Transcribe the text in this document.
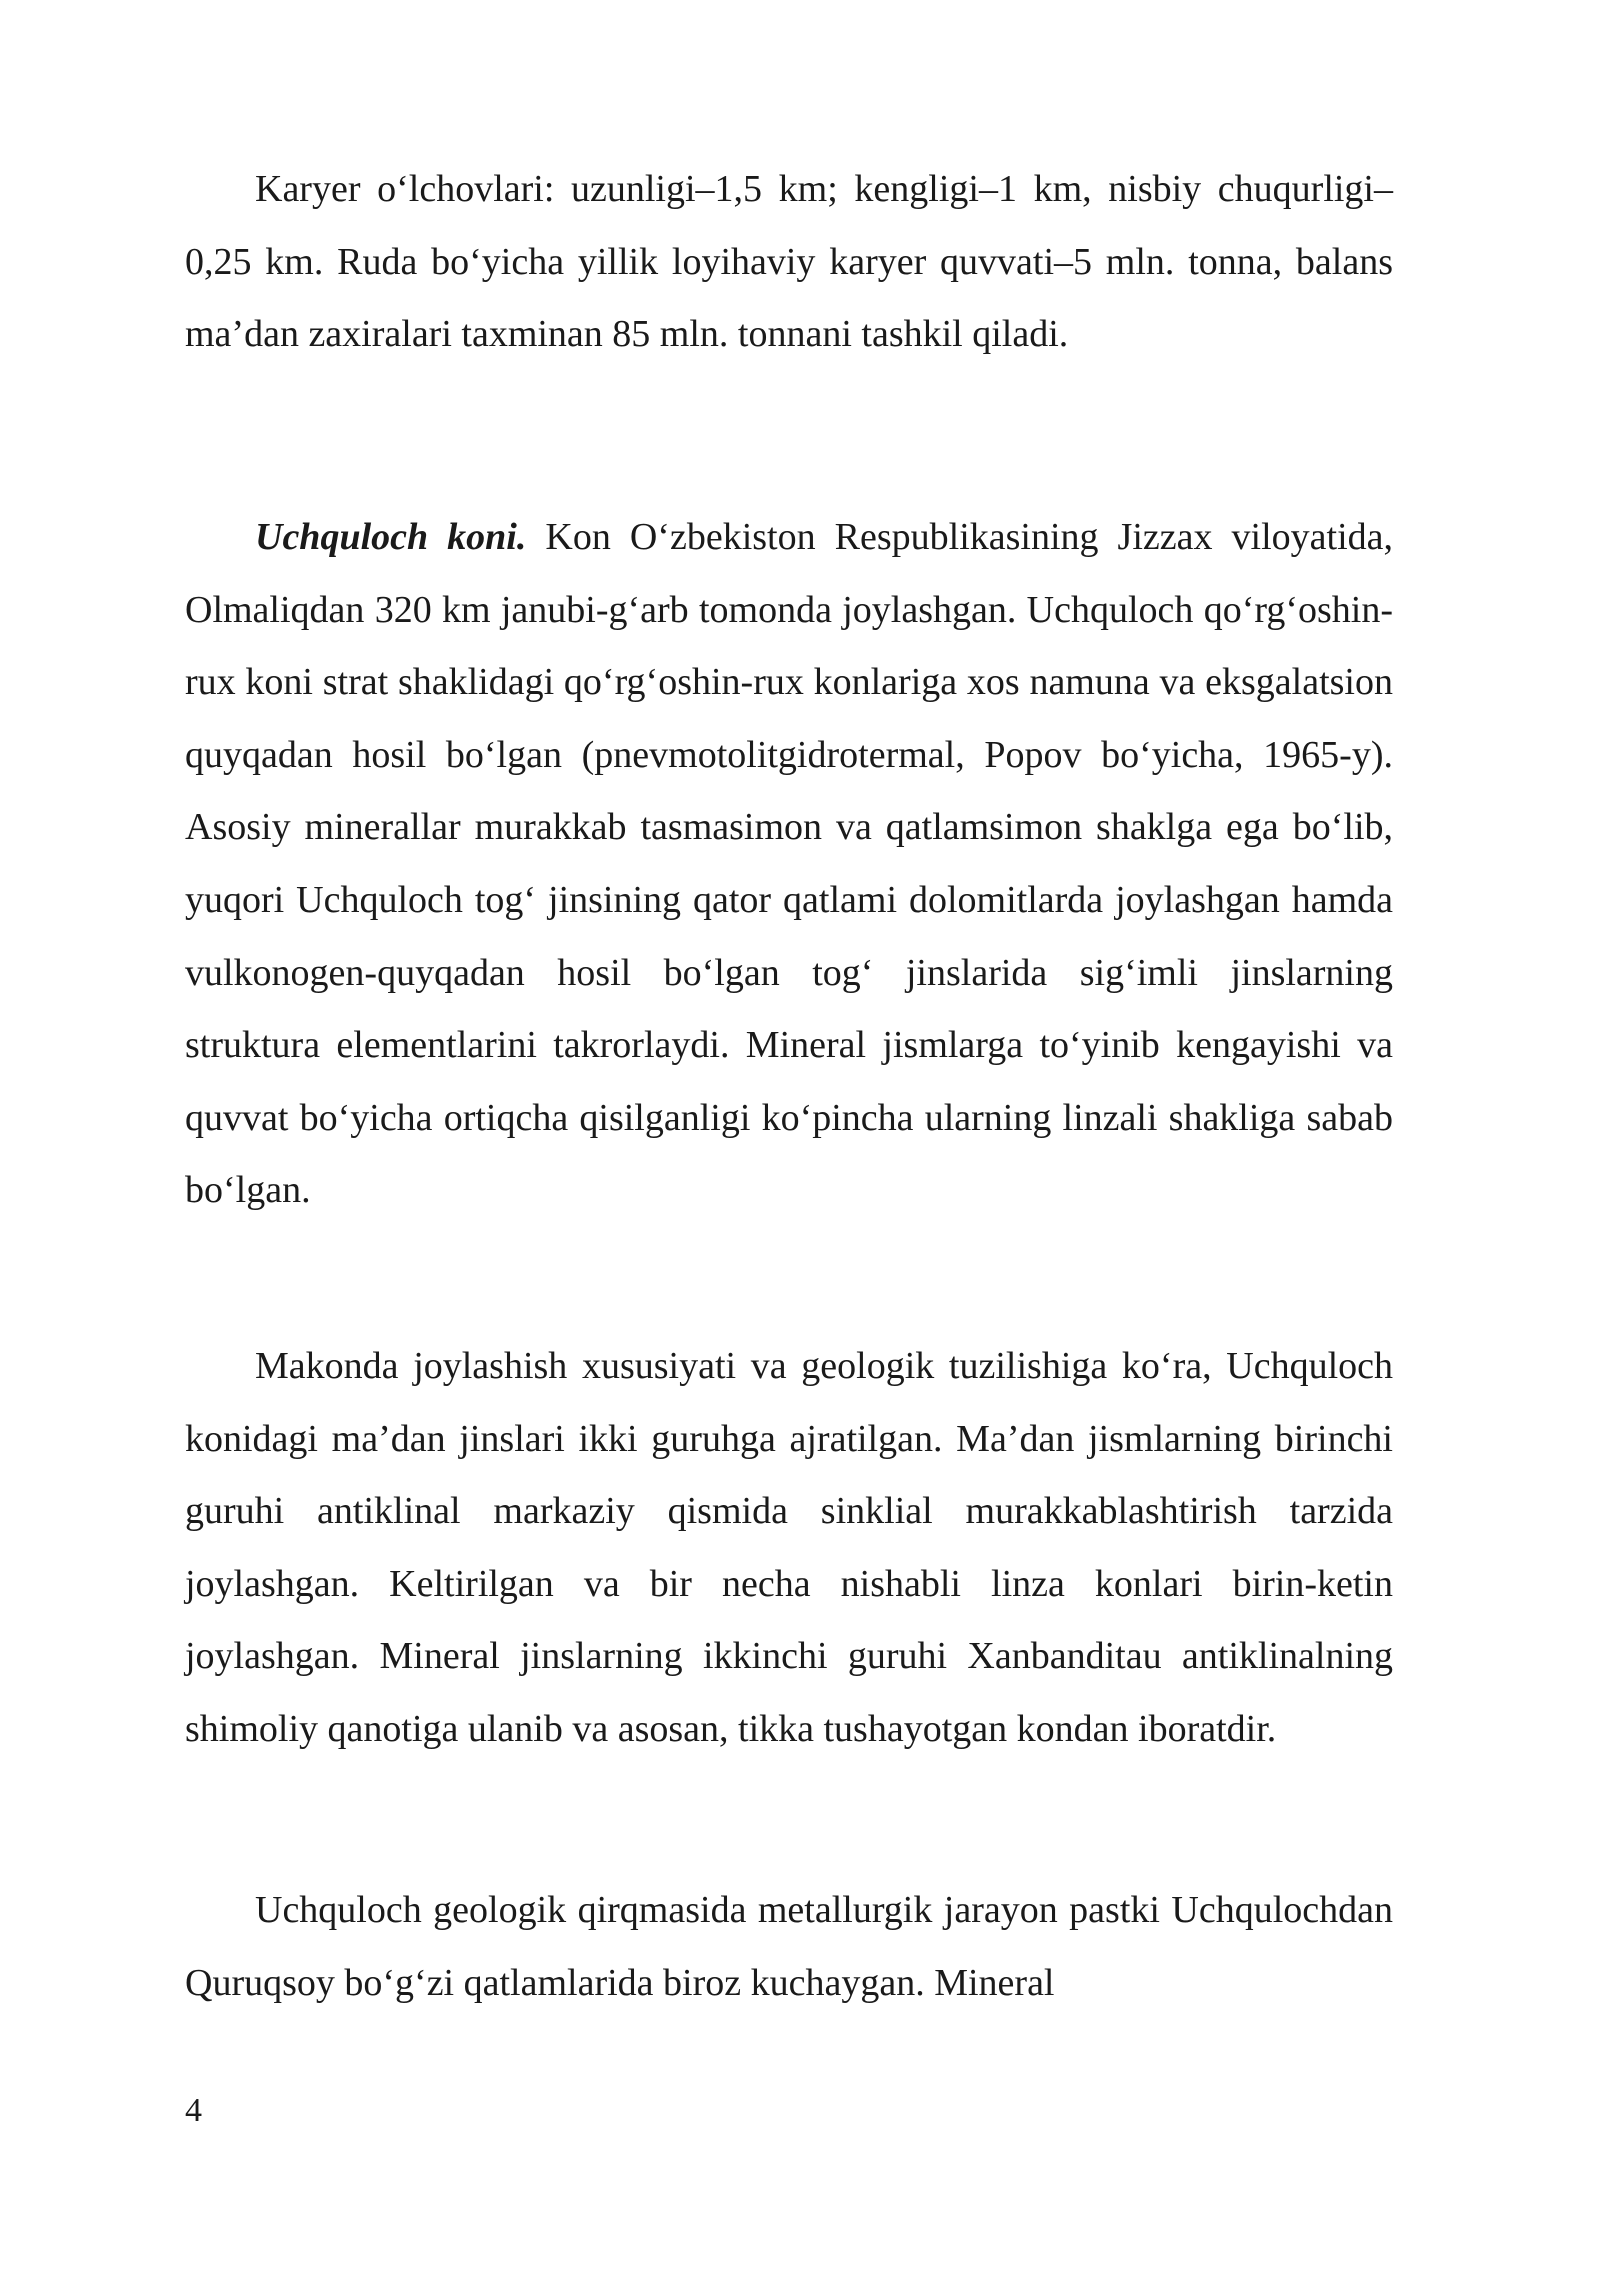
Karyer oʻlchovlari: uzunligi–1,5 km; kengligi–1 km, nisbiy chuqurligi–0,25 km. Ruda boʻyicha yillik loyihaviy karyer quvvati–5 mln. tonna, balans ma’dan zaxiralari taxminan 85 mln. tonnani tashkil qiladi.

Uchquloch koni. Kon Oʻzbekiston Respublikasining Jizzax viloyatida, Olmaliqdan 320 km janubi-gʻarb tomonda joylashgan. Uchquloch qoʻrgʻoshin-rux koni strat shaklidagi qoʻrgʻoshin-rux konlariga xos namuna va eksgalatsion quyqadan hosil boʻlgan (pnevmotolitgidrotermal, Popov boʻyicha, 1965-y). Asosiy minerallar murakkab tasmasimon va qatlamsimon shaklga ega boʻlib, yuqori Uchquloch togʻ jinsining qator qatlami dolomitlarda joylashgan hamda vulkonogen-quyqadan hosil boʻlgan togʻ jinslarida sigʻimli jinslarning struktura elementlarini takrorlaydi. Mineral jismlarga toʻyinib kengayishi va quvvat boʻyicha ortiqcha qisilganligi koʻpincha ularning linzali shakliga sabab boʻlgan.

Makonda joylashish xususiyati va geologik tuzilishiga koʻra, Uchquloch konidagi ma’dan jinslari ikki guruhga ajratilgan. Ma’dan jismlarning birinchi guruhi antiklinal markaziy qismida sinklial murakkablashtirish tarzida joylashgan. Keltirilgan va bir necha nishabli linza konlari birin-ketin joylashgan. Mineral jinslarning ikkinchi guruhi Xanbanditau antiklinalning shimoliy qanotiga ulanib va asosan, tikka tushayotgan kondan iboratdir.

Uchquloch geologik qirqmasida metallurgik jarayon pastki Uchqulochdan Quruqsoy boʻgʻzi qatlamlarida biroz kuchaygan. Mineral

4
